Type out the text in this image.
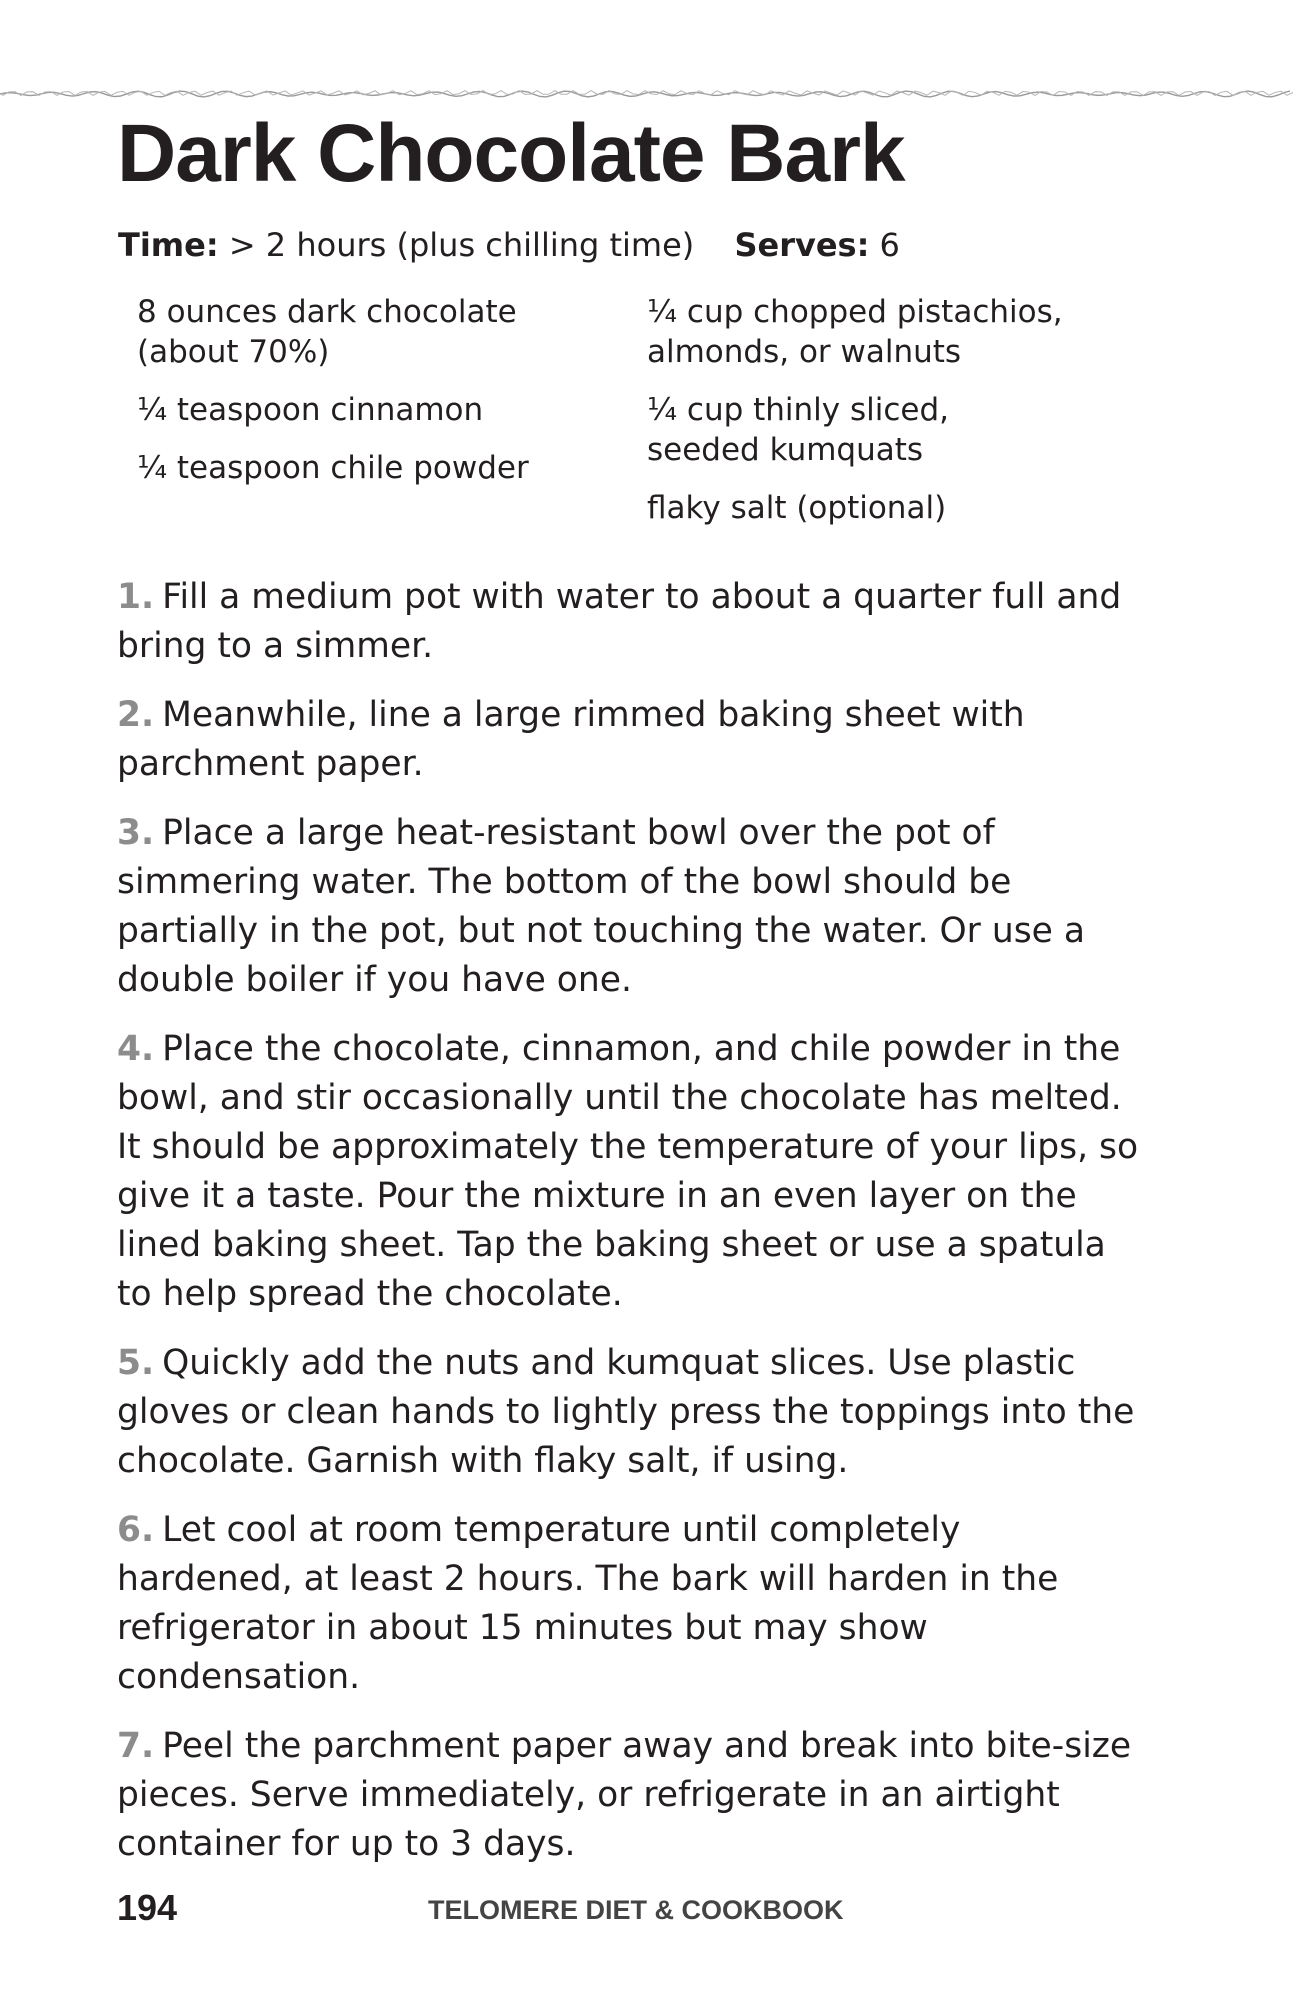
Dark Chocolate Bark
Time: > 2 hours (plus chilling time) Serves: 6
8 ounces dark chocolate
(about 70%)
¼ teaspoon cinnamon
¼ teaspoon chile powder
¼ cup chopped pistachios,
almonds, or walnuts
¼ cup thinly sliced,
seeded kumquats
flaky salt (optional)

1. Fill a medium pot with water to about a quarter full and bring to a simmer.

2. Meanwhile, line a large rimmed baking sheet with parchment paper.

3. Place a large heat-resistant bowl over the pot of simmering water. The bottom of the bowl should be partially in the pot, but not touching the water. Or use a double boiler if you have one.

4. Place the chocolate, cinnamon, and chile powder in the bowl, and stir occasionally until the chocolate has melted. It should be approximately the temperature of your lips, so give it a taste. Pour the mixture in an even layer on the lined baking sheet. Tap the baking sheet or use a spatula to help spread the chocolate.

5. Quickly add the nuts and kumquat slices. Use plastic gloves or clean hands to lightly press the toppings into the chocolate. Garnish with flaky salt, if using.

6. Let cool at room temperature until completely hardened, at least 2 hours. The bark will harden in the refrigerator in about 15 minutes but may show condensation.

7. Peel the parchment paper away and break into bite-size pieces. Serve immediately, or refrigerate in an airtight container for up to 3 days.

194	TELOMERE DIET & COOKBOOK
